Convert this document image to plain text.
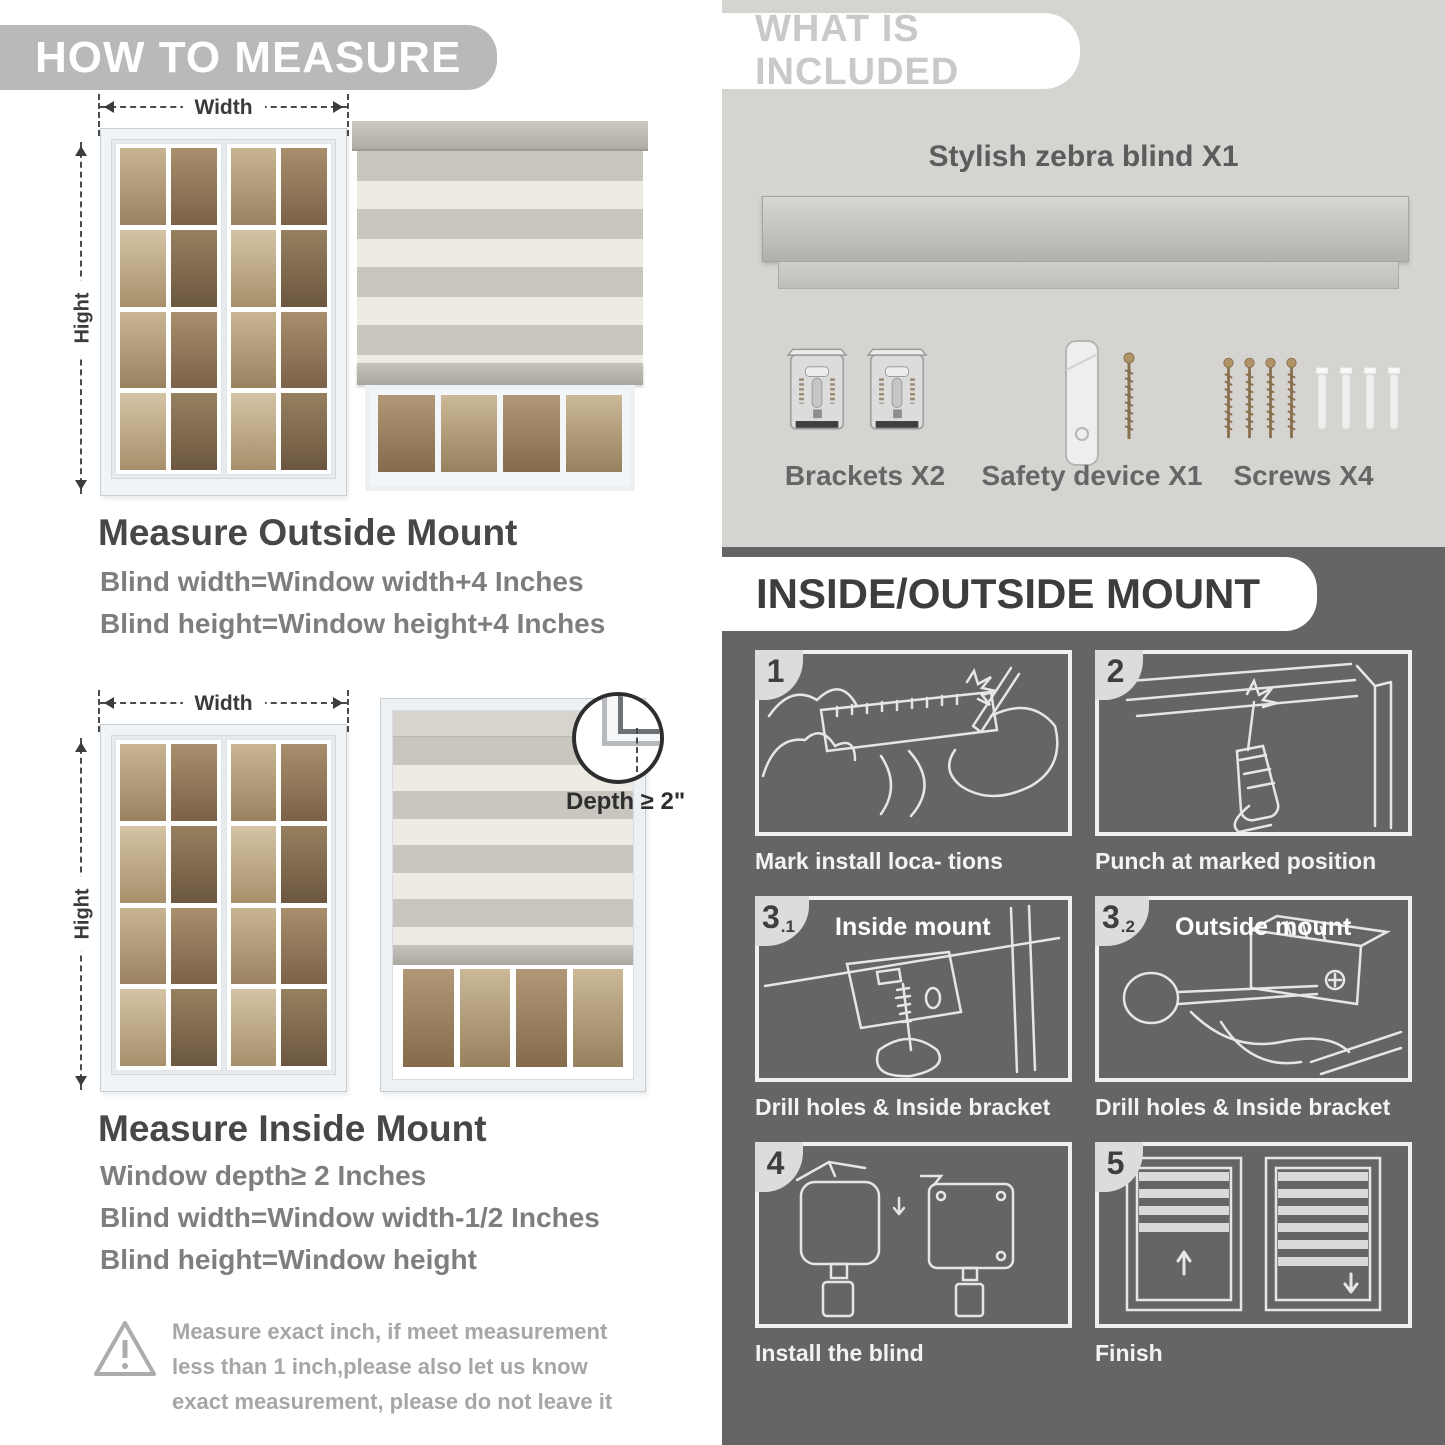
HOW TO MEASURE
Width
Hight
Measure Outside Mount

Blind width=Window width+4 Inches

Blind height=Window height+4 Inches

Width
Hight
Depth ≥ 2"
Measure Inside Mount

Window depth≥ 2 Inches

Blind width=Window width-1/2 Inches

Blind height=Window height

Measure exact inch, if meet measurement less than 1 inch,please also let us know exact measurement, please do not leave it
WHAT IS INCLUDED
Stylish zebra blind X1
Brackets X2	Safety device X1	Screws X4
INSIDE/OUTSIDE MOUNT
1
Mark install loca- tions
2
Punch at marked position
3 .1 Inside mount
Drill holes & Inside bracket
3 .2 Outside mount
Drill holes & Inside bracket
4
Install the blind
5
Finish
